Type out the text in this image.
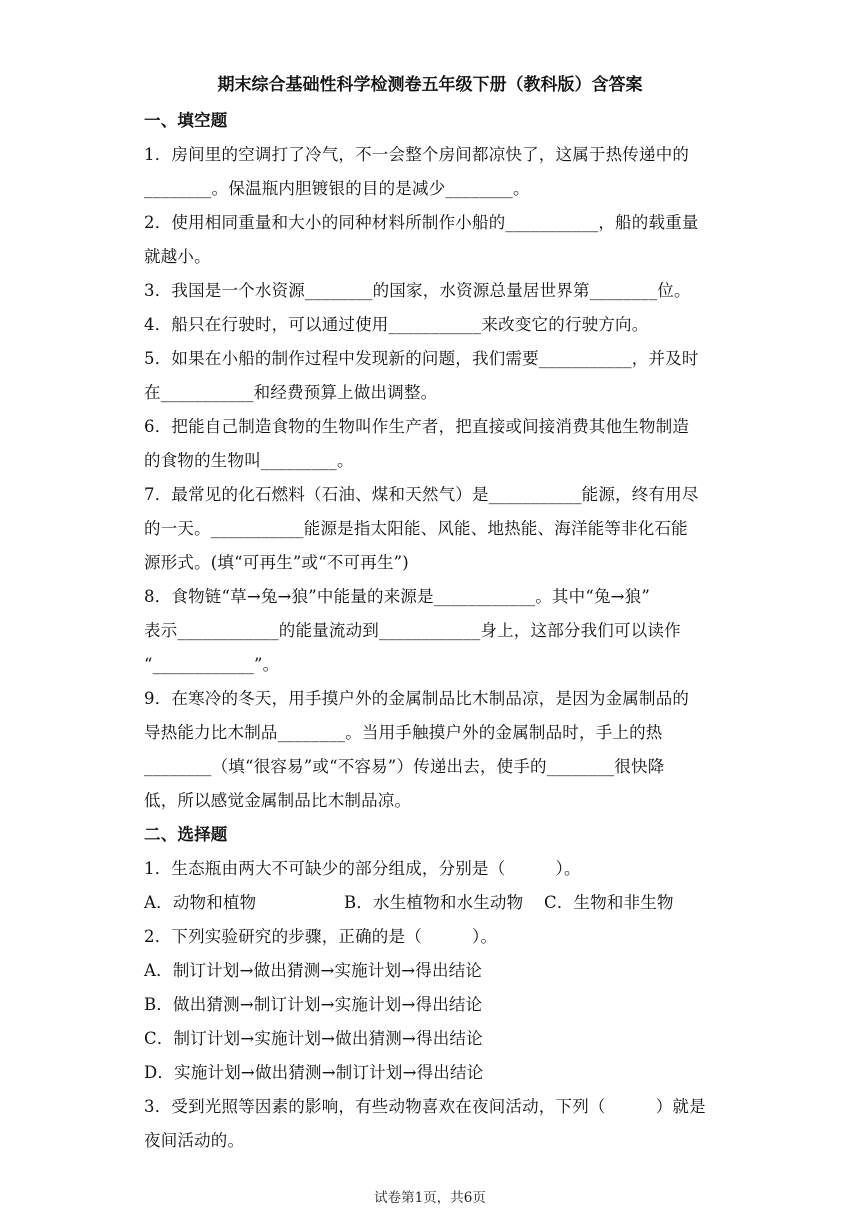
期末综合基础性科学检测卷五年级下册（教科版）含答案
一、填空题
1．房间里的空调打了冷气，不一会整个房间都凉快了，这属于热传递中的
________。保温瓶内胆镀银的目的是减少________。
2．使用相同重量和大小的同种材料所制作小船的___________，船的载重量
就越小。
3．我国是一个水资源________的国家，水资源总量居世界第________位。
4．船只在行驶时，可以通过使用___________来改变它的行驶方向。
5．如果在小船的制作过程中发现新的问题，我们需要___________，并及时
在___________和经费预算上做出调整。
6．把能自己制造食物的生物叫作生产者，把直接或间接消费其他生物制造
的食物的生物叫_________。
7．最常见的化石燃料（石油、煤和天然气）是___________能源，终有用尽
的一天。___________能源是指太阳能、风能、地热能、海洋能等非化石能
源形式。(填“可再生”或“不可再生”)
8．食物链“草→兔→狼”中能量的来源是____________。其中“兔→狼”
表示____________的能量流动到____________身上，这部分我们可以读作
“____________”。
9．在寒冷的冬天，用手摸户外的金属制品比木制品凉，是因为金属制品的
导热能力比木制品________。当用手触摸户外的金属制品时，手上的热
________（填“很容易”或“不容易”）传递出去，使手的________很快降
低，所以感觉金属制品比木制品凉。
二、选择题
1．生态瓶由两大不可缺少的部分组成，分别是（　　　）。
A．动物和植物	B．水生植物和水生动物	C．生物和非生物
2．下列实验研究的步骤，正确的是（　　　）。
A．制订计划→做出猜测→实施计划→得出结论
B．做出猜测→制订计划→实施计划→得出结论
C．制订计划→实施计划→做出猜测→得出结论
D．实施计划→做出猜测→制订计划→得出结论
3．受到光照等因素的影响，有些动物喜欢在夜间活动，下列（　　　）就是
夜间活动的。
试卷第1页，共6页
